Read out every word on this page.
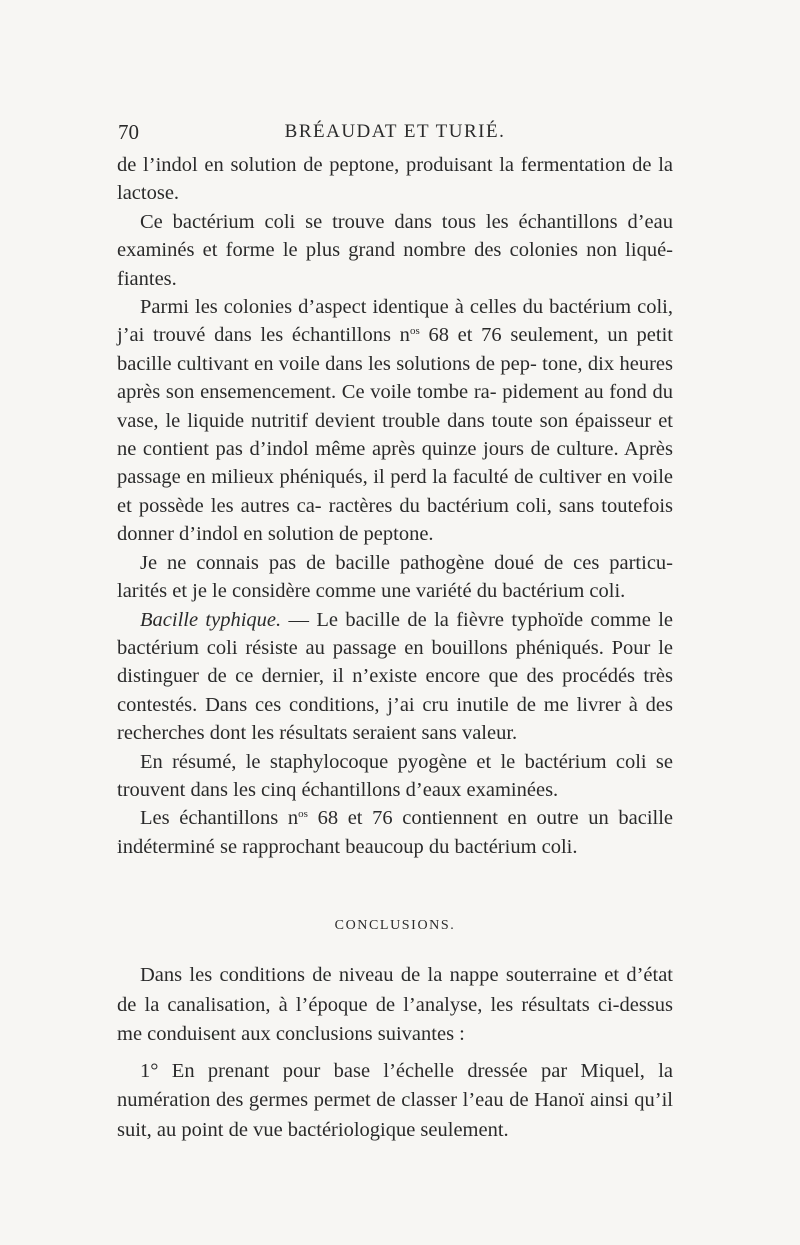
70	BRÉAUDAT ET TURIÉ.

de l’indol en solution de peptone, produisant la fermentation de la lactose.

Ce bactérium coli se trouve dans tous les échantillons d’eau examinés et forme le plus grand nombre des colonies non liqué- fiantes.

Parmi les colonies d’aspect identique à celles du bactérium coli, j’ai trouvé dans les échantillons $n^{os}$ 68 et 76 seulement, un petit bacille cultivant en voile dans les solutions de pep- tone, dix heures après son ensemencement. Ce voile tombe ra- pidement au fond du vase, le liquide nutritif devient trouble dans toute son épaisseur et ne contient pas d’indol même après quinze jours de culture. Après passage en milieux phéniqués, il perd la faculté de cultiver en voile et possède les autres ca- ractères du bactérium coli, sans toutefois donner d’indol en solution de peptone.

Je ne connais pas de bacille pathogène doué de ces particu- larités et je le considère comme une variété du bactérium coli.

Bacille typhique. — Le bacille de la fièvre typhoïde comme le bactérium coli résiste au passage en bouillons phéniqués. Pour le distinguer de ce dernier, il n’existe encore que des procédés très contestés. Dans ces conditions, j’ai cru inutile de me livrer à des recherches dont les résultats seraient sans valeur.

En résumé, le staphylocoque pyogène et le bactérium coli se trouvent dans les cinq échantillons d’eaux examinées.

Les échantillons $n^{os}$ 68 et 76 contiennent en outre un bacille indéterminé se rapprochant beaucoup du bactérium coli.

CONCLUSIONS.

Dans les conditions de niveau de la nappe souterraine et d’état de la canalisation, à l’époque de l’analyse, les résultats ci-dessus me conduisent aux conclusions suivantes :

1° En prenant pour base l’échelle dressée par Miquel, la numération des germes permet de classer l’eau de Hanoï ainsi qu’il suit, au point de vue bactériologique seulement.
